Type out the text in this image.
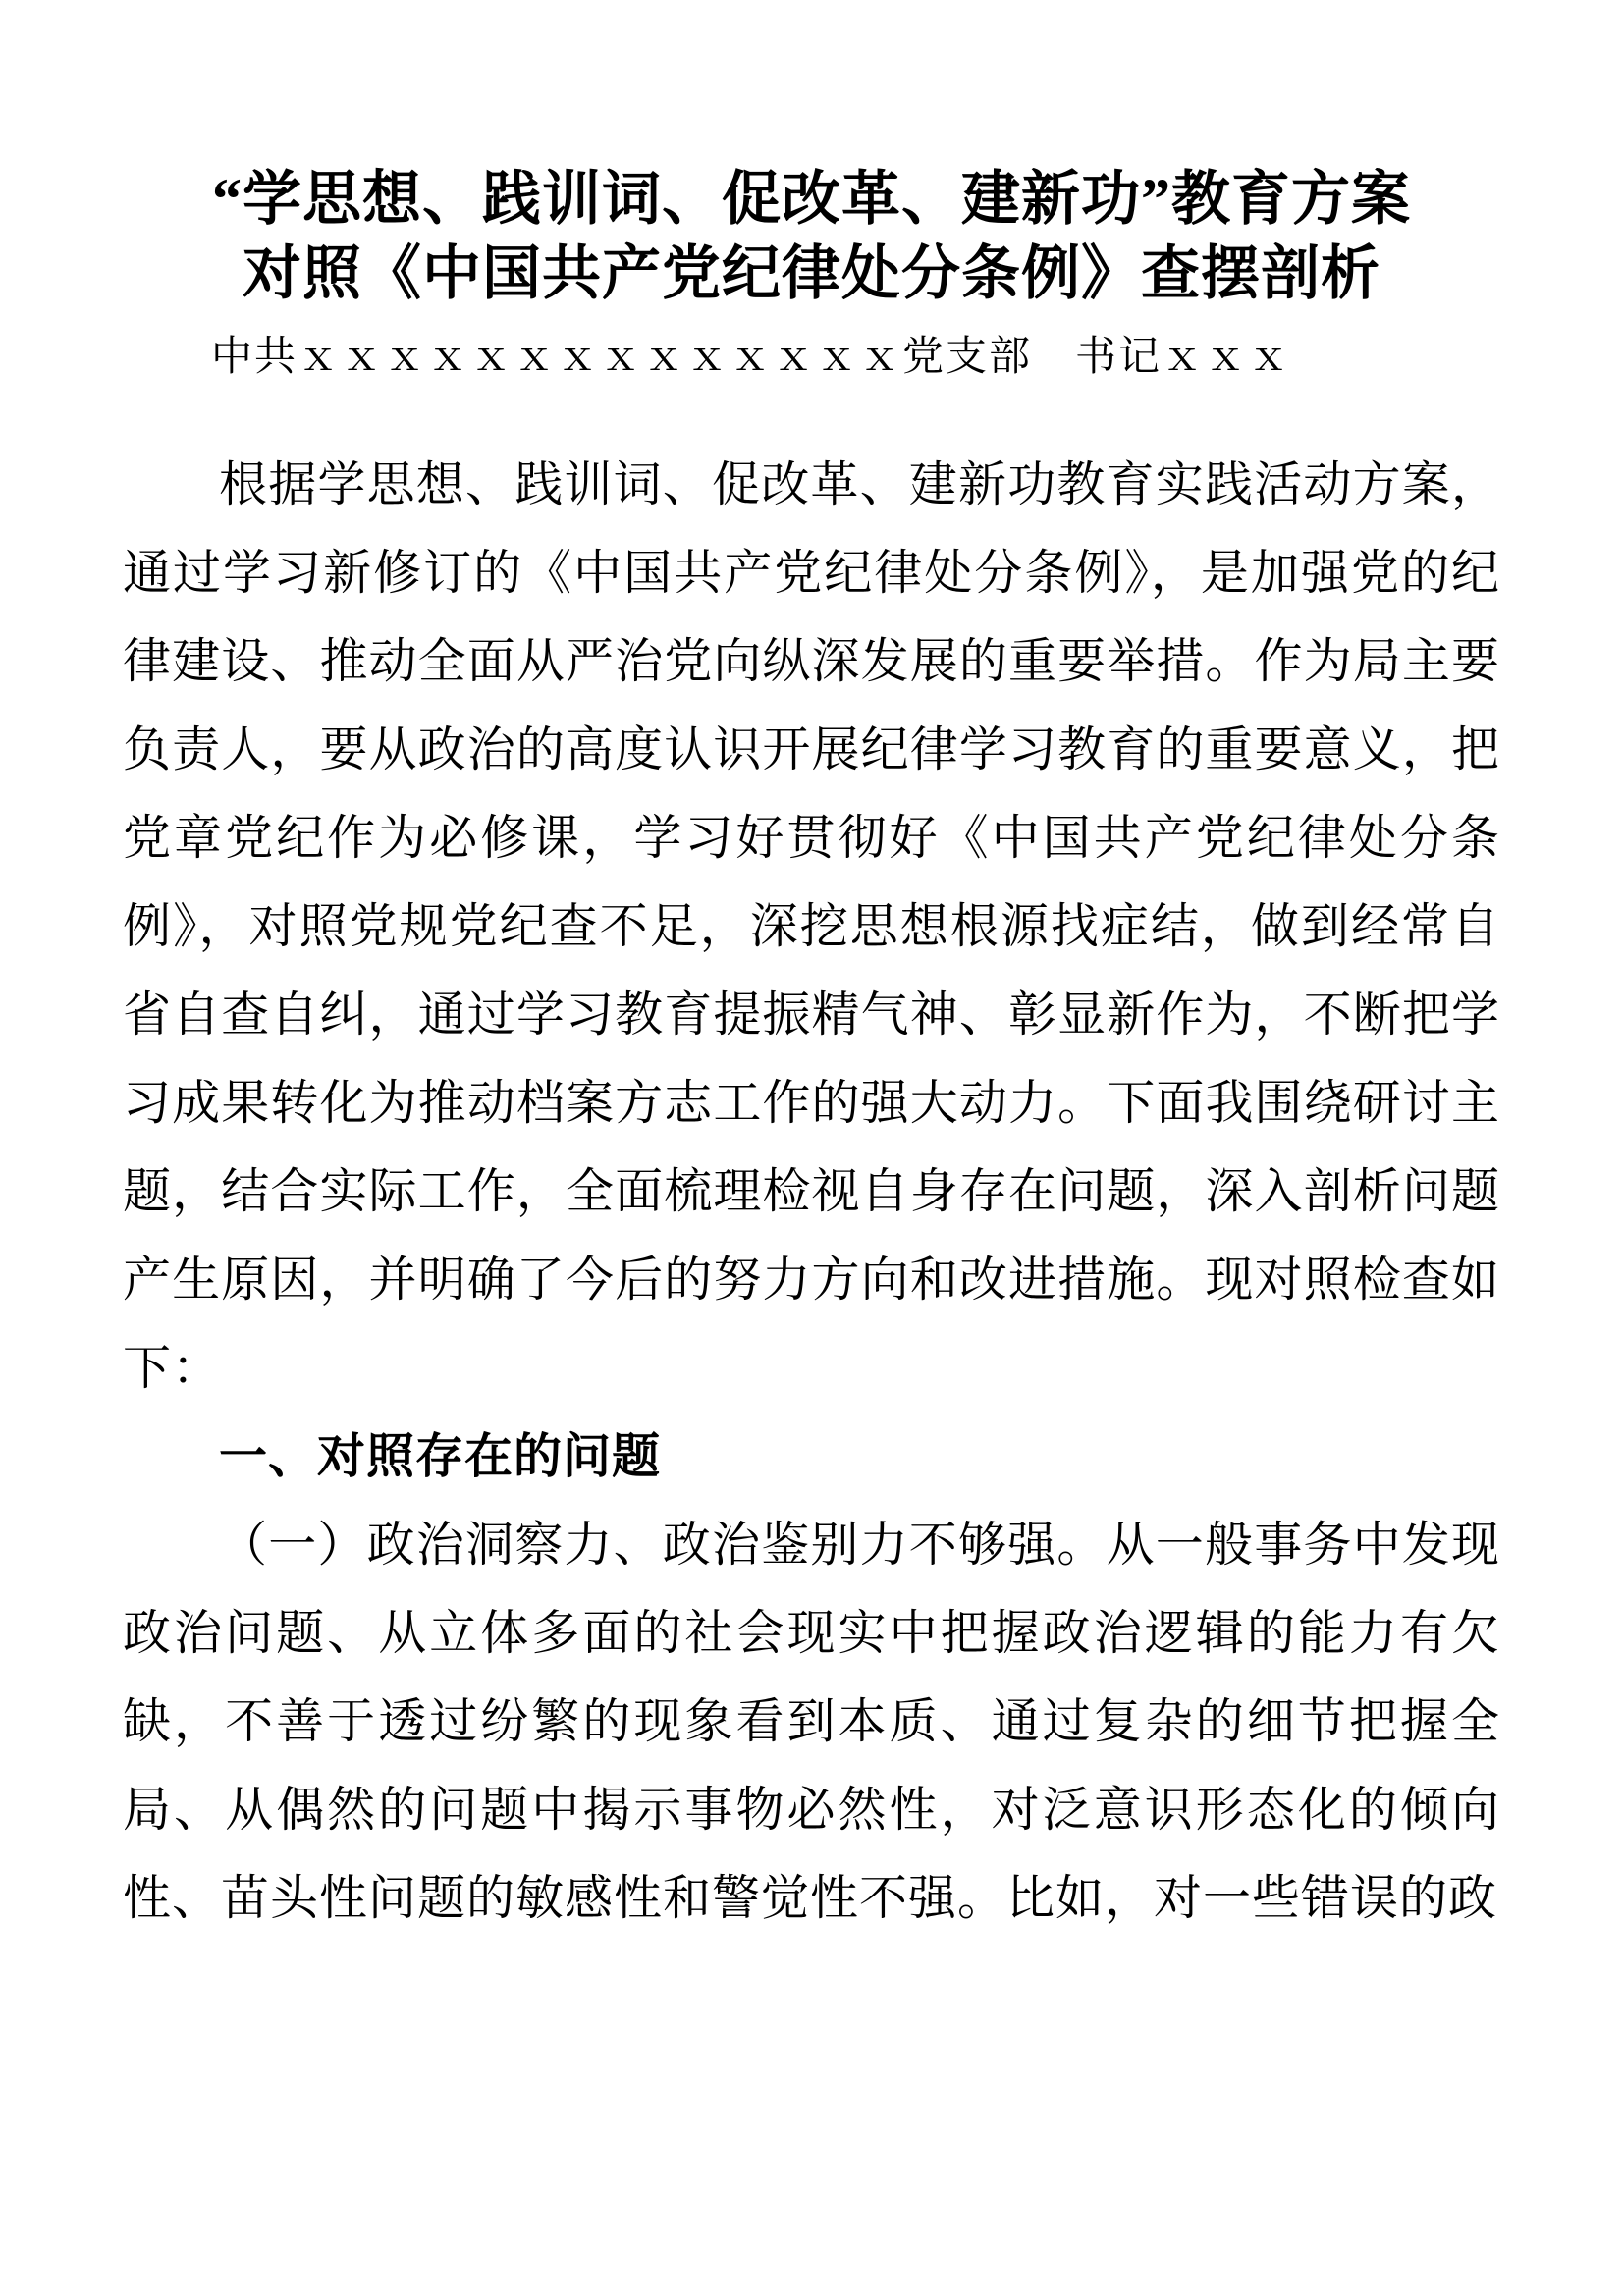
“学思想、践训词、促改革、建新功”教育方案
对照《中国共产党纪律处分条例》查摆剖析
中共ｘｘｘｘｘｘｘｘｘｘｘｘｘｘ党支部　书记ｘｘｘ

根据学思想、践训词、促改革、建新功教育实践活动方案，通过学习新修订的《中国共产党纪律处分条例》，是加强党的纪律建设、推动全面从严治党向纵深发展的重要举措。作为局主要负责人，要从政治的高度认识开展纪律学习教育的重要意义，把党章党纪作为必修课，学习好贯彻好《中国共产党纪律处分条例》，对照党规党纪查不足，深挖思想根源找症结，做到经常自省自查自纠，通过学习教育提振精气神、彰显新作为，不断把学习成果转化为推动档案方志工作的强大动力。下面我围绕研讨主题，结合实际工作，全面梳理检视自身存在问题，深入剖析问题产生原因，并明确了今后的努力方向和改进措施。现对照检查如下：

一、对照存在的问题

（一）政治洞察力、政治鉴别力不够强。从一般事务中发现政治问题、从立体多面的社会现实中把握政治逻辑的能力有欠缺，不善于透过纷繁的现象看到本质、通过复杂的细节把握全局、从偶然的问题中揭示事物必然性，对泛意识形态化的倾向性、苗头性问题的敏感性和警觉性不强。比如，对一些错误的政
